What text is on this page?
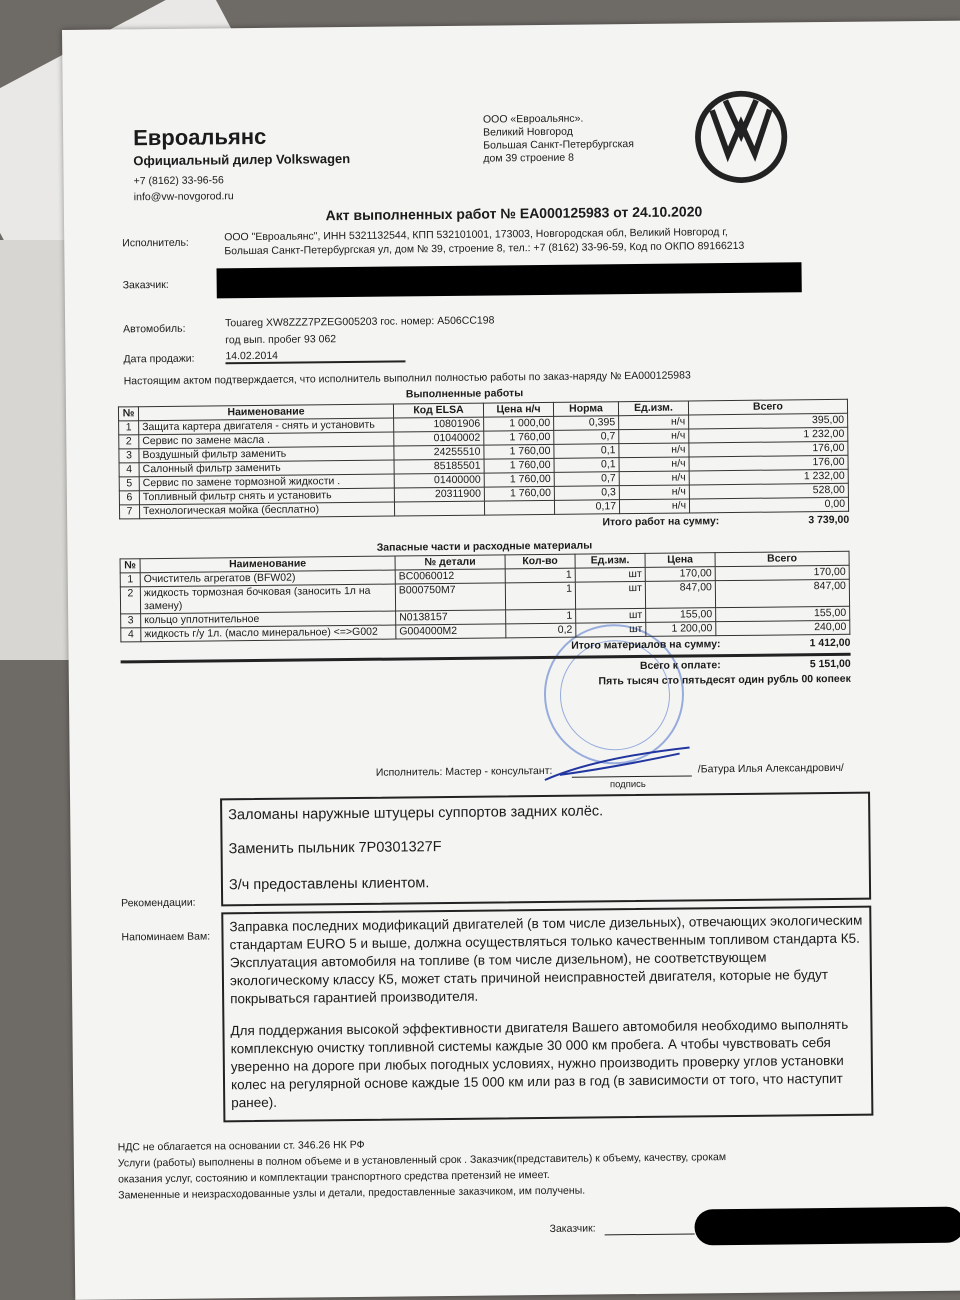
Евроальянс
Официальный дилер Volkswagen
+7 (8162) 33-96-56
info@vw-novgorod.ru
ООО «Евроальянс».
Великий Новгород
Большая Санкт-Петербургская
дом 39 строение 8
Акт выполненных работ № ЕА000125983 от 24.10.2020
Исполнитель:	ООО "Евроальянс", ИНН 5321132544, КПП 532101001, 173003, Новгородская обл, Великий Новгород г,
Большая Санкт-Петербургская ул, дом № 39, строение 8, тел.: +7 (8162) 33-96-59, Код по ОКПО 89166213
Заказчик:
Автомобиль:	Touareg XW8ZZZ7PZEG005203 гос. номер: А506СС198
год вып. пробег 93 062
Дата продажи:	14.02.2014
Настоящим актом подтверждается, что исполнитель выполнил полностью работы по заказ-наряду № ЕА000125983
Выполненные работы
№	Наименование	Код ELSA	Цена н/ч	Норма	Ед.изм.	Всего
1	Защита картера двигателя - снять и установить	10801906	1 000,00	0,395	н/ч	395,00
2	Сервис по замене масла .	01040002	1 760,00	0,7	н/ч	1 232,00
3	Воздушный фильтр заменить	24255510	1 760,00	0,1	н/ч	176,00
4	Салонный фильтр заменить	85185501	1 760,00	0,1	н/ч	176,00
5	Сервис по замене тормозной жидкости .	01400000	1 760,00	0,7	н/ч	1 232,00
6	Топливный фильтр снять и установить	20311900	1 760,00	0,3	н/ч	528,00
7	Технологическая мойка (бесплатно)			0,17	н/ч	0,00
Итого работ на сумму:	3 739,00
Запасные части и расходные материалы
№	Наименование	№ детали	Кол-во	Ед.изм.	Цена	Всего
1	Очиститель агрегатов (BFW02)	BC0060012	1	шт	170,00	170,00
2	жидкость тормозная бочковая (заносить 1л на замену)	B000750M7	1	шт	847,00	847,00
3	кольцо уплотнительное	N0138157	1	шт	155,00	155,00
4	жидкость г/у 1л. (масло минеральное) <=>G002	G004000M2	0,2	шт	1 200,00	240,00
Итого материалов на сумму:	1 412,00
Всего к оплате:	5 151,00
Пять тысяч сто пятьдесят один рубль 00 копеек
Исполнитель: Мастер - консультант:	/Батура Илья Александрович/
подпись
Заломаны наружные штуцеры суппортов задних колёс.
Заменить пыльник 7P0301327F
З/ч предоставлены клиентом.
Рекомендации:
Напоминаем Вам:

Заправка последних модификаций двигателей (в том числе дизельных), отвечающих экологическим стандартам EURO 5 и выше, должна осуществляться только качественным топливом стандарта К5. Эксплуатация автомобиля на топливе (в том числе дизельном), не соответствующем экологическому классу К5, может стать причиной неисправностей двигателя, которые не будут покрываться гарантией производителя.

Для поддержания высокой эффективности двигателя Вашего автомобиля необходимо выполнять комплексную очистку топливной системы каждые 30 000 км пробега. А чтобы чувствовать себя уверенно на дороге при любых погодных условиях, нужно производить проверку углов установки колес на регулярной основе каждые 15 000 км или раз в год (в зависимости от того, что наступит ранее).

НДС не облагается на основании ст. 346.26 НК РФ
Услуги (работы) выполнены в полном объеме и в установленный срок . Заказчик(представитель) к объему, качеству, срокам
оказания услуг, состоянию и комплектации транспортного средства претензий не имеет.
Замененные и неизрасходованные узлы и детали, предоставленные заказчиком, им получены.
Заказчик:
